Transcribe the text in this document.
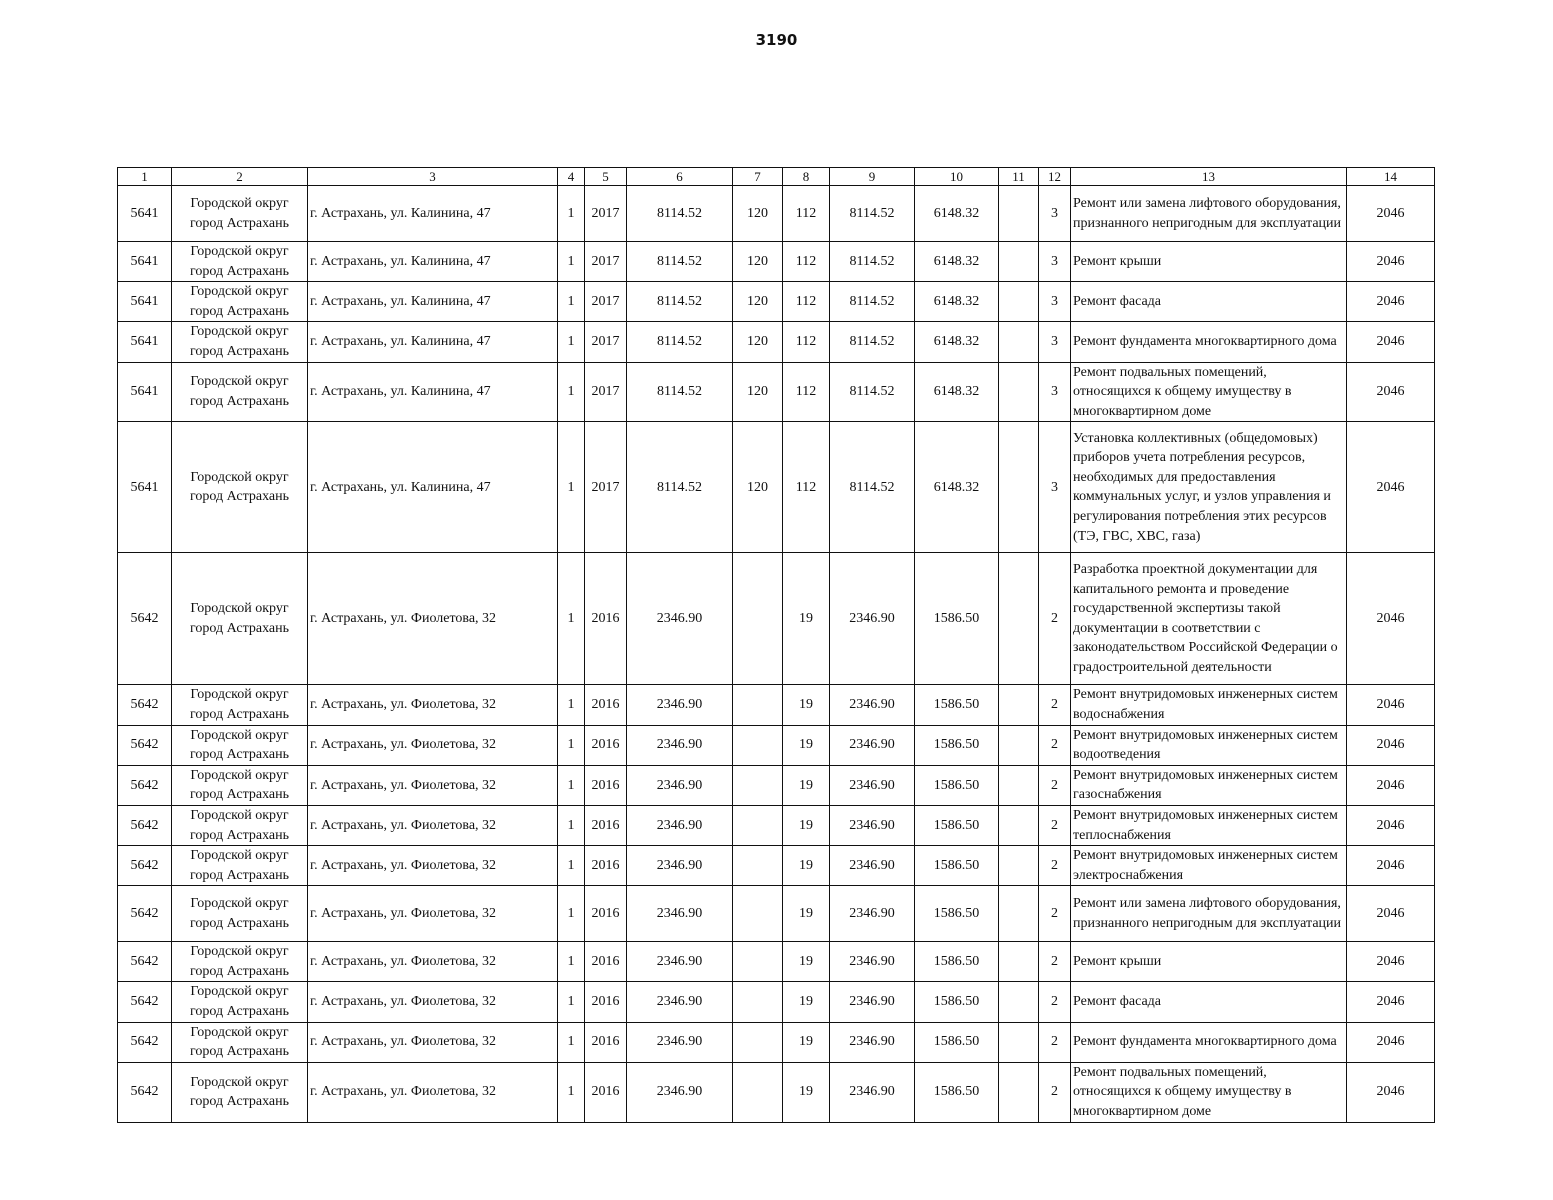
3190
1	2	3	4	5	6	7	8	9	10	11	12	13	14
5641	Городской округ город Астрахань	г. Астрахань, ул. Калинина, 47	1	2017	8114.52	120	112	8114.52	6148.32		3	Ремонт или замена лифтового оборудования, признанного непригодным для эксплуатации	2046
5641	Городской округ город Астрахань	г. Астрахань, ул. Калинина, 47	1	2017	8114.52	120	112	8114.52	6148.32		3	Ремонт крыши	2046
5641	Городской округ город Астрахань	г. Астрахань, ул. Калинина, 47	1	2017	8114.52	120	112	8114.52	6148.32		3	Ремонт фасада	2046
5641	Городской округ город Астрахань	г. Астрахань, ул. Калинина, 47	1	2017	8114.52	120	112	8114.52	6148.32		3	Ремонт фундамента многоквартирного дома	2046
5641	Городской округ город Астрахань	г. Астрахань, ул. Калинина, 47	1	2017	8114.52	120	112	8114.52	6148.32		3	Ремонт подвальных помещений, относящихся к общему имуществу в многоквартирном доме	2046
5641	Городской округ город Астрахань	г. Астрахань, ул. Калинина, 47	1	2017	8114.52	120	112	8114.52	6148.32		3	Установка коллективных (общедомовых) приборов учета потребления ресурсов, необходимых для предоставления коммунальных услуг, и узлов управления и регулирования потребления этих ресурсов (ТЭ, ГВС, ХВС, газа)	2046
5642	Городской округ город Астрахань	г. Астрахань, ул. Фиолетова, 32	1	2016	2346.90		19	2346.90	1586.50		2	Разработка проектной документации для капитального ремонта и проведение государственной экспертизы такой документации в соответствии с законодательством Российской Федерации о градостроительной деятельности	2046
5642	Городской округ город Астрахань	г. Астрахань, ул. Фиолетова, 32	1	2016	2346.90		19	2346.90	1586.50		2	Ремонт внутридомовых инженерных систем водоснабжения	2046
5642	Городской округ город Астрахань	г. Астрахань, ул. Фиолетова, 32	1	2016	2346.90		19	2346.90	1586.50		2	Ремонт внутридомовых инженерных систем водоотведения	2046
5642	Городской округ город Астрахань	г. Астрахань, ул. Фиолетова, 32	1	2016	2346.90		19	2346.90	1586.50		2	Ремонт внутридомовых инженерных систем газоснабжения	2046
5642	Городской округ город Астрахань	г. Астрахань, ул. Фиолетова, 32	1	2016	2346.90		19	2346.90	1586.50		2	Ремонт внутридомовых инженерных систем теплоснабжения	2046
5642	Городской округ город Астрахань	г. Астрахань, ул. Фиолетова, 32	1	2016	2346.90		19	2346.90	1586.50		2	Ремонт внутридомовых инженерных систем электроснабжения	2046
5642	Городской округ город Астрахань	г. Астрахань, ул. Фиолетова, 32	1	2016	2346.90		19	2346.90	1586.50		2	Ремонт или замена лифтового оборудования, признанного непригодным для эксплуатации	2046
5642	Городской округ город Астрахань	г. Астрахань, ул. Фиолетова, 32	1	2016	2346.90		19	2346.90	1586.50		2	Ремонт крыши	2046
5642	Городской округ город Астрахань	г. Астрахань, ул. Фиолетова, 32	1	2016	2346.90		19	2346.90	1586.50		2	Ремонт фасада	2046
5642	Городской округ город Астрахань	г. Астрахань, ул. Фиолетова, 32	1	2016	2346.90		19	2346.90	1586.50		2	Ремонт фундамента многоквартирного дома	2046
5642	Городской округ город Астрахань	г. Астрахань, ул. Фиолетова, 32	1	2016	2346.90		19	2346.90	1586.50		2	Ремонт подвальных помещений, относящихся к общему имуществу в многоквартирном доме	2046
